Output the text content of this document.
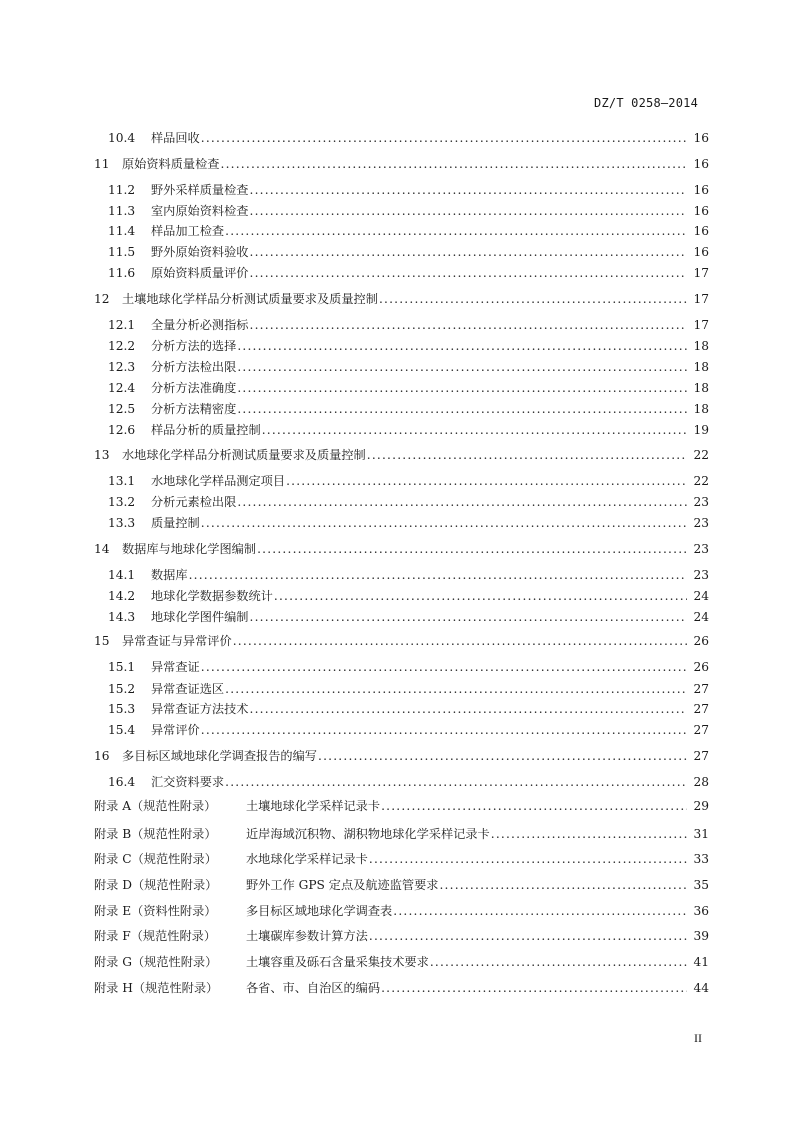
DZ/T 0258—2014
10.4	样品回收 .....	16
11	原始资料质量检查 .....	16
11.2	野外采样质量检查 .....	16
11.3	室内原始资料检查 .....	16
11.4	样品加工检查 .....	16
11.5	野外原始资料验收 .....	16
11.6	原始资料质量评价 .....	17
12	土壤地球化学样品分析测试质量要求及质量控制 .....	17
12.1	全量分析必测指标 .....	17
12.2	分析方法的选择 .....	18
12.3	分析方法检出限 .....	18
12.4	分析方法准确度 .....	18
12.5	分析方法精密度 .....	18
12.6	样品分析的质量控制 .....	19
13	水地球化学样品分析测试质量要求及质量控制 .....	22
13.1	水地球化学样品测定项目 .....	22
13.2	分析元素检出限 .....	23
13.3	质量控制 .....	23
14	数据库与地球化学图编制 .....	23
14.1	数据库 .....	23
14.2	地球化学数据参数统计 .....	24
14.3	地球化学图件编制 .....	24
15	异常查证与异常评价 .....	26
15.1	异常查证 .....	26
15.2	异常查证选区 .....	27
15.3	异常查证方法技术 .....	27
15.4	异常评价 .....	27
16	多目标区域地球化学调查报告的编写 .....	27
16.4	汇交资料要求 .....	28
附录 A（规范性附录）	土壤地球化学采样记录卡 .....	29
附录 B（规范性附录）	近岸海域沉积物、湖积物地球化学采样记录卡 .....	31
附录 C（规范性附录）	水地球化学采样记录卡 .....	33
附录 D（规范性附录）	野外工作 GPS 定点及航迹监管要求 .....	35
附录 E（资料性附录）	多目标区域地球化学调查表 .....	36
附录 F（规范性附录）	土壤碳库参数计算方法 .....	39
附录 G（规范性附录）	土壤容重及砾石含量采集技术要求 .....	41
附录 H（规范性附录）	各省、市、自治区的编码 .....	44
II
